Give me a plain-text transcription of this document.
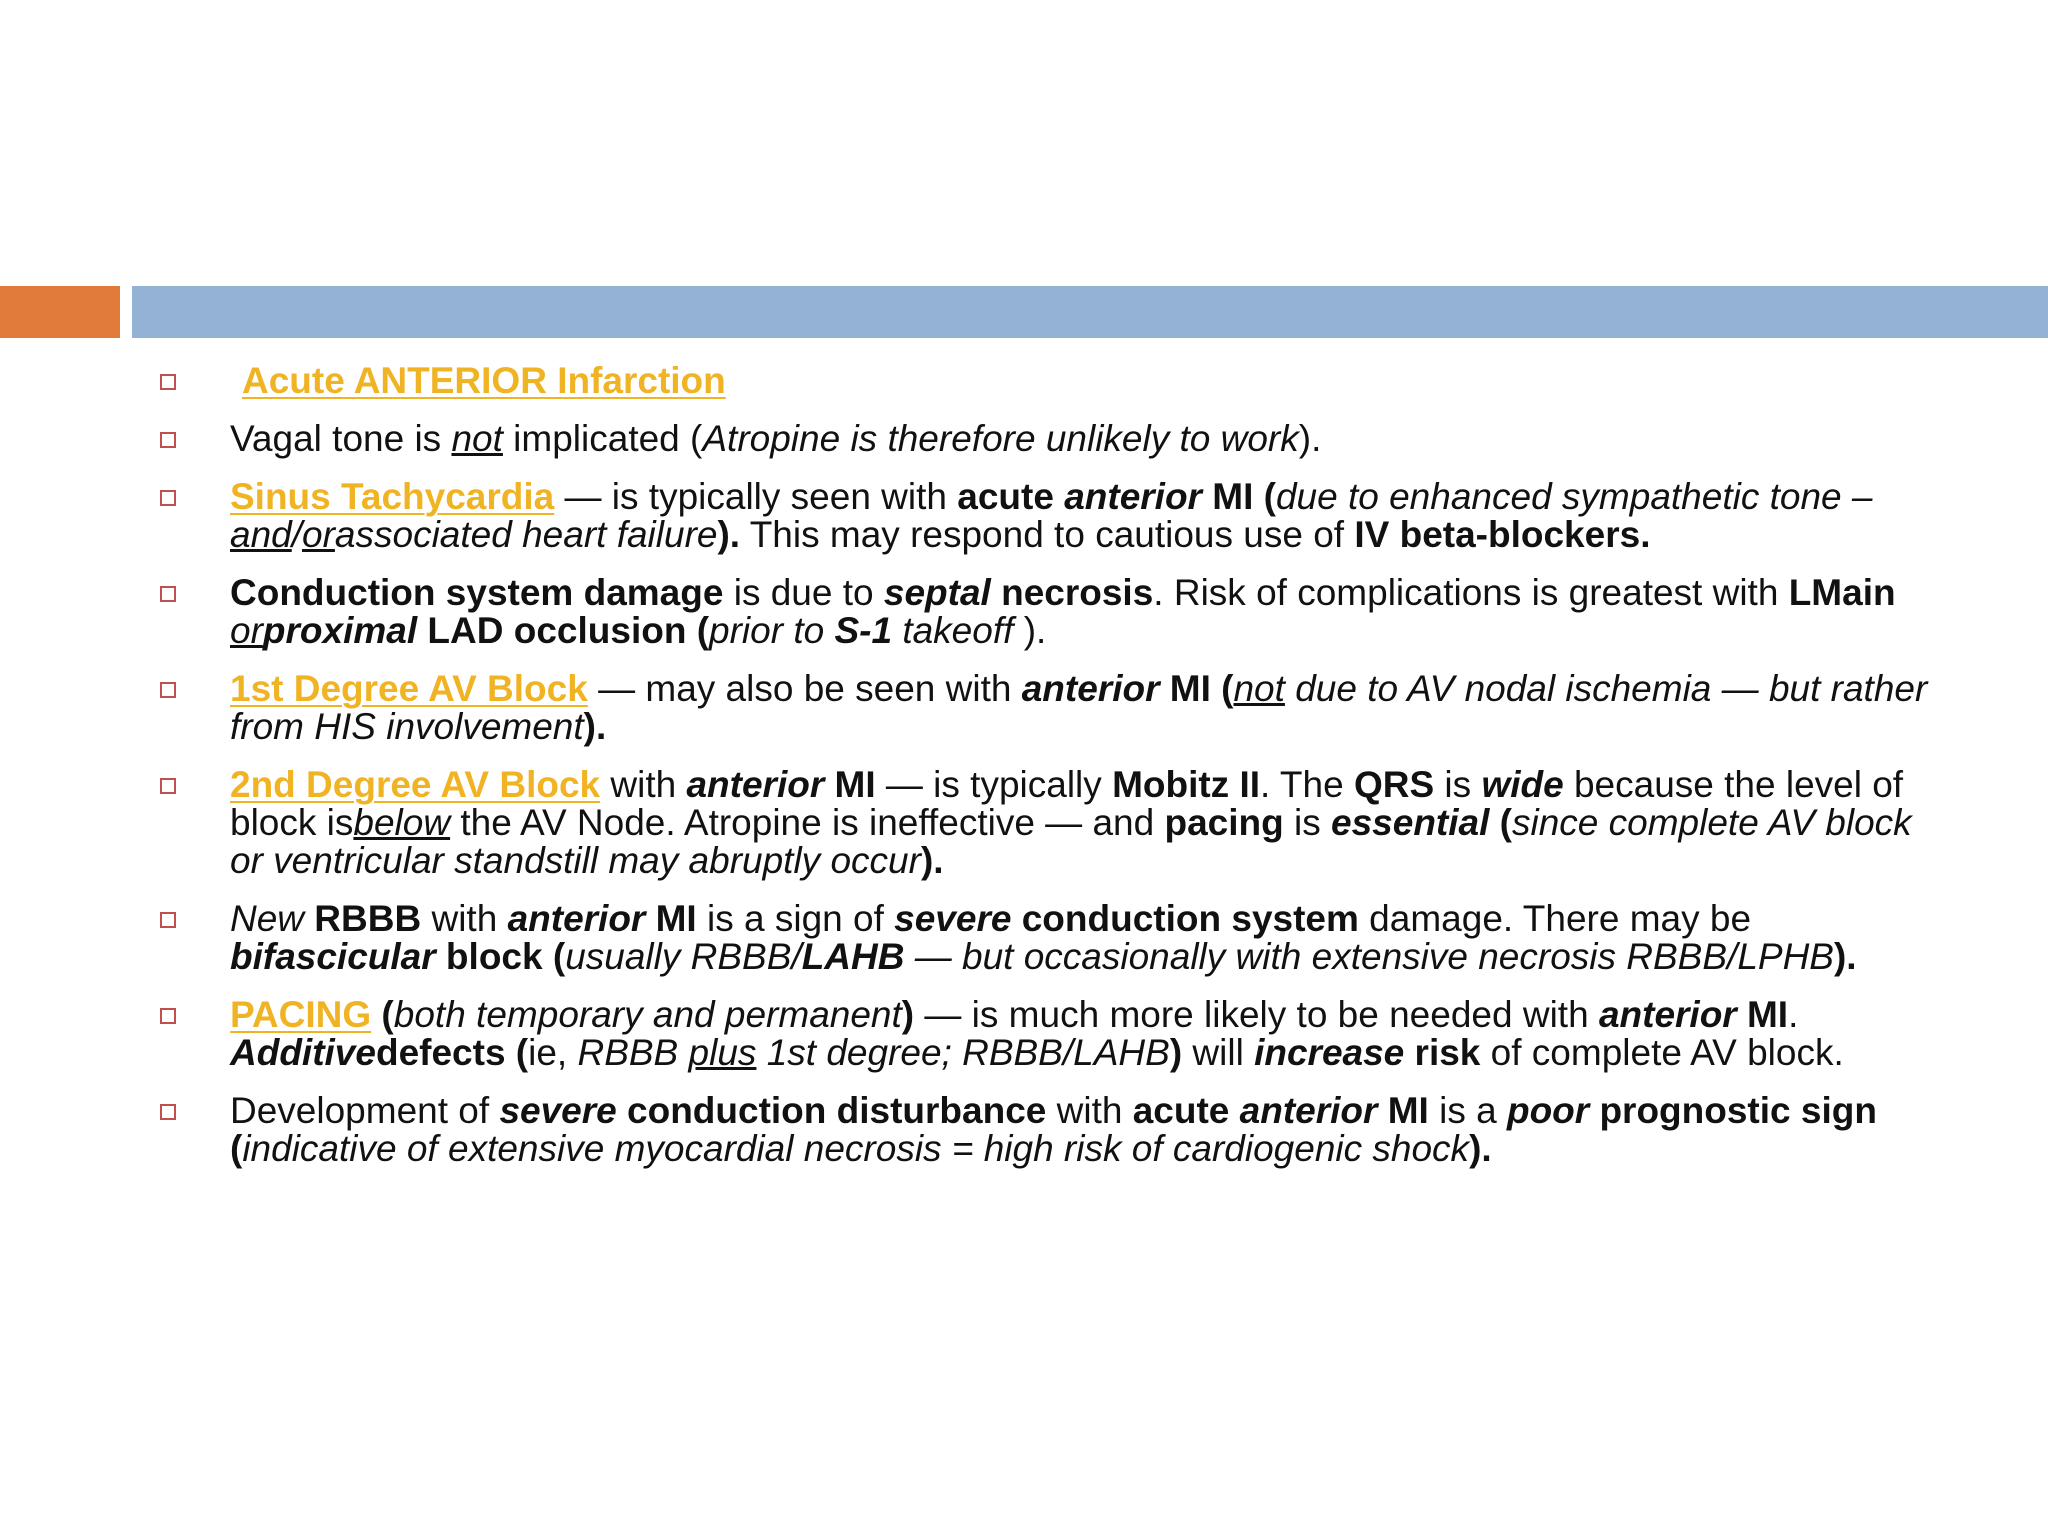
Acute ANTERIOR Infarction
Vagal tone is not implicated (Atropine is therefore unlikely to work).
Sinus Tachycardia — is typically seen with acute anterior MI (due to enhanced sympathetic tone – and/orassociated heart failure). This may respond to cautious use of IV beta-blockers.
Conduction system damage is due to septal necrosis. Risk of complications is greatest with LMain orproximal LAD occlusion (prior to S-1 takeoff ).
1st Degree AV Block — may also be seen with anterior MI (not due to AV nodal ischemia — but rather from HIS involvement).
2nd Degree AV Block with anterior MI — is typically Mobitz II. The QRS is wide because the level of block isbelow the AV Node. Atropine is ineffective — and pacing is essential (since complete AV block or ventricular standstill may abruptly occur).
New RBBB with anterior MI is a sign of severe conduction system damage. There may be bifascicular block (usually RBBB/LAHB — but occasionally with extensive necrosis RBBB/LPHB).
PACING (both temporary and permanent) — is much more likely to be needed with anterior MI. Additivedefects (ie, RBBB plus 1st degree; RBBB/LAHB) will increase risk of complete AV block.
Development of severe conduction disturbance with acute anterior MI is a poor prognostic sign (indicative of extensive myocardial necrosis = high risk of cardiogenic shock).
